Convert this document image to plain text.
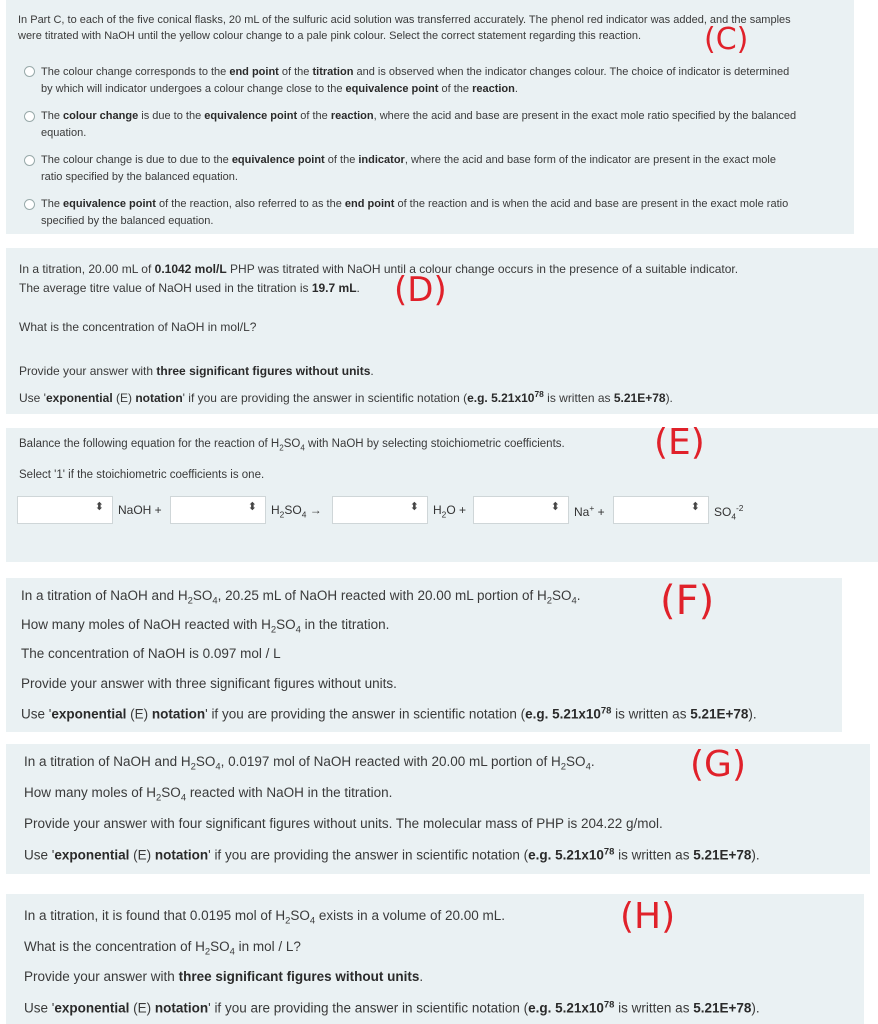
In Part C, to each of the five conical flasks, 20 mL of the sulfuric acid solution was transferred accurately. The phenol red indicator was added, and the samples
were titrated with NaOH until the yellow colour change to a pale pink colour. Select the correct statement regarding this reaction.	(C)
The colour change corresponds to the end point of the titration and is observed when the indicator changes colour. The choice of indicator is determined
by which will indicator undergoes a colour change close to the equivalence point of the reaction.
The colour change is due to the equivalence point of the reaction, where the acid and base are present in the exact mole ratio specified by the balanced
equation.
The colour change is due to due to the equivalence point of the indicator, where the acid and base form of the indicator are present in the exact mole
ratio specified by the balanced equation.
The equivalence point of the reaction, also referred to as the end point of the reaction and is when the acid and base are present in the exact mole ratio
specified by the balanced equation.
In a titration, 20.00 mL of 0.1042 mol/L PHP was titrated with NaOH until a colour change occurs in the presence of a suitable indicator.
The average titre value of NaOH used in the titration is 19.7 mL. (D)
What is the concentration of NaOH in mol/L?
Provide your answer with three significant figures without units.
Use 'exponential (E) notation' if you are providing the answer in scientific notation (e.g. $5.21x10^{78}$ is written as 5.21E+78).
Balance the following equation for the reaction of $H_2SO_4$ with NaOH by selecting stoichiometric coefficients.
Select '1' if the stoichiometric coefficients is one.
(E)
⬍ NaOH +	⬍ $H_2SO_4$ →	⬍ $H_2O$ +	⬍ Na+ +	⬍ $SO_4^{-2}$
In a titration of NaOH and $H_2SO_4$, 20.25 mL of NaOH reacted with 20.00 mL portion of $H_2SO_4$.
How many moles of NaOH reacted with $H_2SO_4$ in the titration.
The concentration of NaOH is 0.097 mol / L
Provide your answer with three significant figures without units.
Use 'exponential (E) notation' if you are providing the answer in scientific notation (e.g. $5.21x10^{78}$ is written as 5.21E+78).
(F)
In a titration of NaOH and $H_2SO_4$, 0.0197 mol of NaOH reacted with 20.00 mL portion of $H_2SO_4$.
How many moles of $H_2SO_4$ reacted with NaOH in the titration.
Provide your answer with four significant figures without units. The molecular mass of PHP is 204.22 g/mol.
Use 'exponential (E) notation' if you are providing the answer in scientific notation (e.g. $5.21x10^{78}$ is written as 5.21E+78).
(G)
In a titration, it is found that 0.0195 mol of $H_2SO_4$ exists in a volume of 20.00 mL.
What is the concentration of $H_2SO_4$ in mol / L?
Provide your answer with three significant figures without units.
Use 'exponential (E) notation' if you are providing the answer in scientific notation (e.g. $5.21x10^{78}$ is written as 5.21E+78).
(H)
